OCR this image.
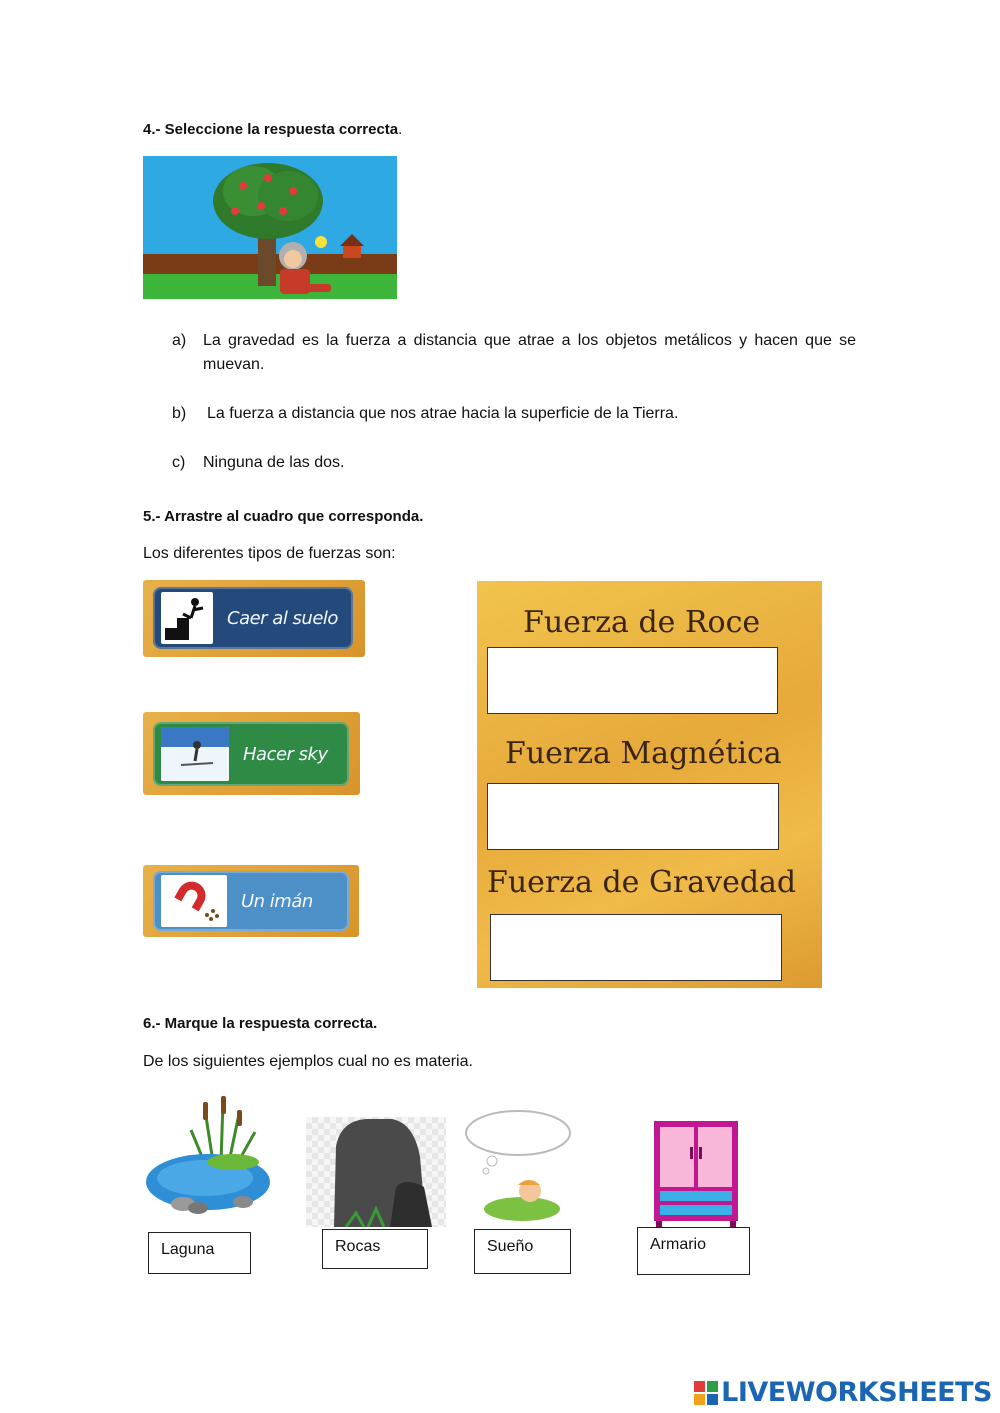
4.- Seleccione la respuesta correcta.
a) La gravedad es la fuerza a distancia que atrae a los objetos metálicos y hacen que se muevan.
b) La fuerza a distancia que nos atrae hacia la superficie de la Tierra.
c) Ninguna de las dos.
5.- Arrastre al cuadro que corresponda.
Los diferentes tipos de fuerzas son:
Caer al suelo
Hacer sky
Un imán
Fuerza de Roce
Fuerza Magnética
Fuerza de Gravedad
6.- Marque la respuesta correcta.
De los siguientes ejemplos cual no es materia.
Laguna	Rocas	Sueño	Armario
LIVEWORKSHEETS
